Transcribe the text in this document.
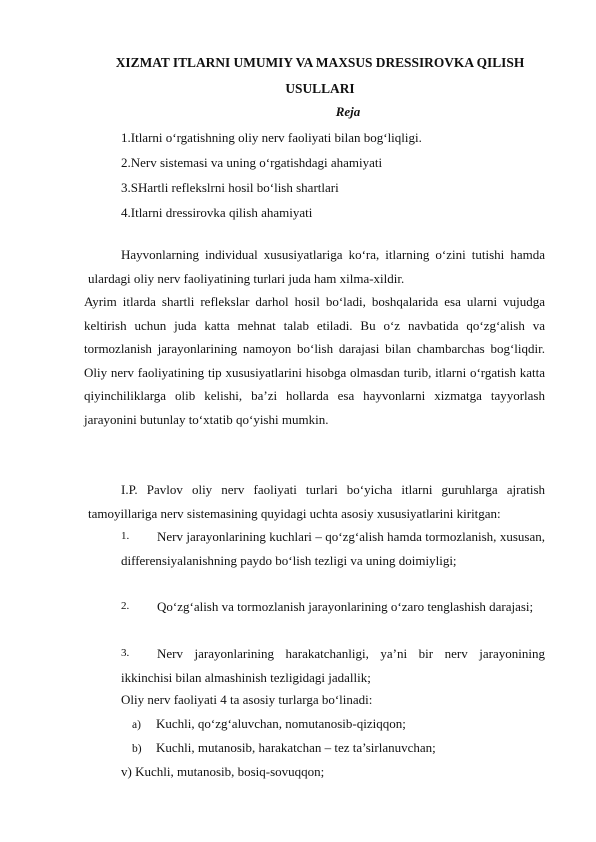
XIZMAT ITLARNI UMUMIY VA MAXSUS DRESSIROVKA QILISH
USULLARI
Reja
1.Itlarni o‘rgatishning oliy nerv faoliyati bilan bog‘liqligi.
2.Nerv sistemasi va uning o‘rgatishdagi ahamiyati
3.SHartli reflekslrni hosil bo‘lish shartlari
4.Itlarni dressirovka qilish ahamiyati

Hayvonlarning individual xususiyatlariga ko‘ra, itlarning o‘zini tutishi hamda ulardagi oliy nerv faoliyatining turlari juda ham xilma-xildir.

Ayrim itlarda shartli reflekslar darhol hosil bo‘ladi, boshqalarida esa ularni vujudga keltirish uchun juda katta mehnat talab etiladi. Bu o‘z navbatida qo‘zg‘alish va tormozlanish jarayonlarining namoyon bo‘lish darajasi bilan chambarchas bog‘liqdir. Oliy nerv faoliyatining tip xususiyatlarini hisobga olmasdan turib, itlarni o‘rgatish katta qiyinchiliklarga olib kelishi, ba’zi hollarda esa hayvonlarni xizmatga tayyorlash jarayonini butunlay to‘xtatib qo‘yishi mumkin.

I.P. Pavlov oliy nerv faoliyati turlari bo‘yicha itlarni guruhlarga ajratish tamoyillariga nerv sistemasining quyidagi uchta asosiy xususiyatlarini kiritgan:

1.	Nerv jarayonlarining kuchlari – qo‘zg‘alish hamda tormozlanish, xususan, differensiyalanishning paydo bo‘lish tezligi va uning doimiyligi;
2.	Qo‘zg‘alish va tormozlanish jarayonlarining o‘zaro tenglashish darajasi;
3.	Nerv jarayonlarining harakatchanligi, ya’ni bir nerv jarayonining ikkinchisi bilan almashinish tezligidagi jadallik;
Oliy nerv faoliyati 4 ta asosiy turlarga bo‘linadi:
a) Kuchli, qo‘zg‘aluvchan, nomutanosib-qiziqqon;
b) Kuchli, mutanosib, harakatchan – tez ta’sirlanuvchan;
v) Kuchli, mutanosib, bosiq-sovuqqon;
